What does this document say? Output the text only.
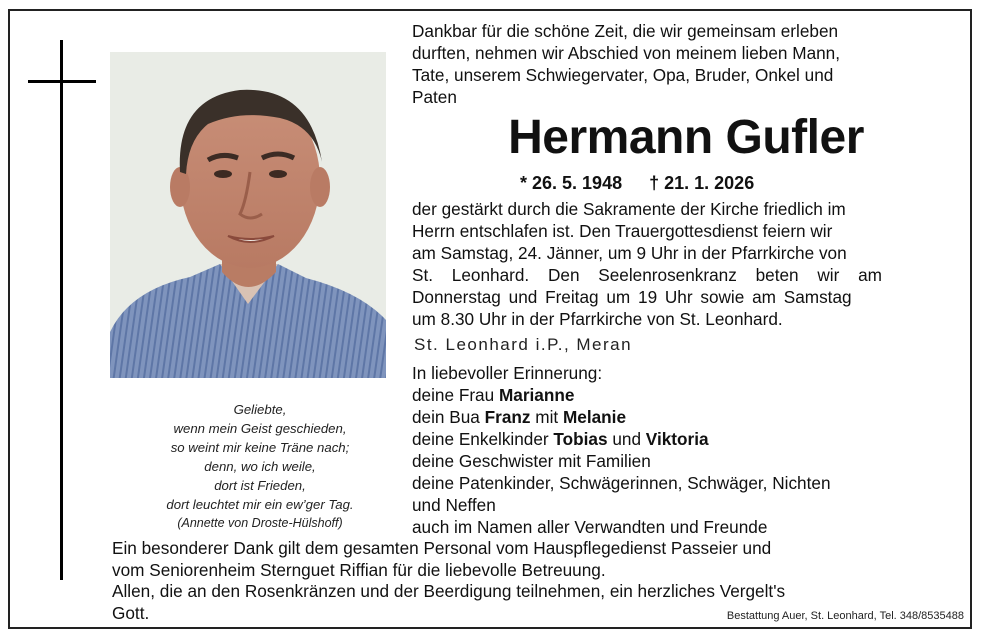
Geliebte,
wenn mein Geist geschieden,
so weint mir keine Träne nach;
denn, wo ich weile,
dort ist Frieden,
dort leuchtet mir ein ew’ger Tag.
(Annette von Droste-Hülshoff)
Dankbar für die schöne Zeit, die wir gemeinsam erleben
durften, nehmen wir Abschied von meinem lieben Mann,
Tate, unserem Schwiegervater, Opa, Bruder, Onkel und
Paten
Hermann Gufler
* 26. 5. 1948 † 21. 1. 2026
der gestärkt durch die Sakramente der Kirche friedlich im
Herrn entschlafen ist. Den Trauergottesdienst feiern wir
am Samstag, 24. Jänner, um 9 Uhr in der Pfarrkirche von
St. Leonhard. Den Seelenrosenkranz beten wir am
Donnerstag und Freitag um 19 Uhr sowie am Samstag
um 8.30 Uhr in der Pfarrkirche von St. Leonhard.
St. Leonhard i.P., Meran
In liebevoller Erinnerung:
deine Frau Marianne
dein Bua Franz mit Melanie
deine Enkelkinder Tobias und Viktoria
deine Geschwister mit Familien
deine Patenkinder, Schwägerinnen, Schwäger, Nichten
und Neffen
auch im Namen aller Verwandten und Freunde
Ein besonderer Dank gilt dem gesamten Personal vom Hauspflegedienst Passeier und
vom Seniorenheim Sternguet Riffian für die liebevolle Betreuung.
Allen, die an den Rosenkränzen und der Beerdigung teilnehmen, ein herzliches Vergelt's
Gott.	Bestattung Auer, St. Leonhard, Tel. 348/8535488
